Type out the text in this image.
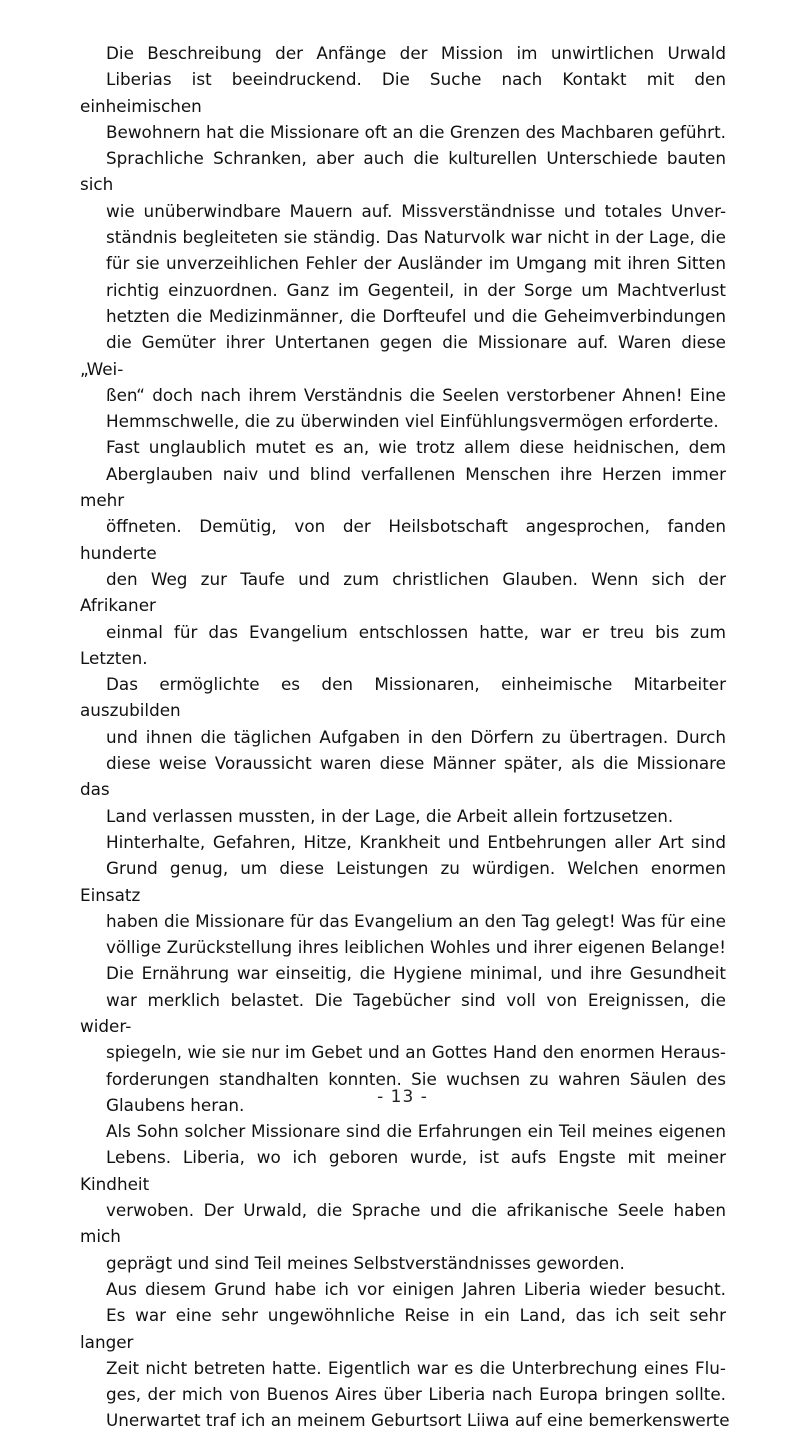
Die Beschreibung der Anfänge der Mission im unwirtlichen Urwald
Liberias ist beeindruckend. Die Suche nach Kontakt mit den einheimischen
Bewohnern hat die Missionare oft an die Grenzen des Machbaren geführt.
Sprachliche Schranken, aber auch die kulturellen Unterschiede bauten sich
wie unüberwindbare Mauern auf. Missverständnisse und totales Unver-
ständnis begleiteten sie ständig. Das Naturvolk war nicht in der Lage, die
für sie unverzeihlichen Fehler der Ausländer im Umgang mit ihren Sitten
richtig einzuordnen. Ganz im Gegenteil, in der Sorge um Machtverlust
hetzten die Medizinmänner, die Dorfteufel und die Geheimverbindungen
die Gemüter ihrer Untertanen gegen die Missionare auf. Waren diese „Wei-
ßen“ doch nach ihrem Verständnis die Seelen verstorbener Ahnen! Eine
Hemmschwelle, die zu überwinden viel Einfühlungsvermögen erforderte.

Fast unglaublich mutet es an, wie trotz allem diese heidnischen, dem
Aberglauben naiv und blind verfallenen Menschen ihre Herzen immer mehr
öffneten. Demütig, von der Heilsbotschaft angesprochen, fanden hunderte
den Weg zur Taufe und zum christlichen Glauben. Wenn sich der Afrikaner
einmal für das Evangelium entschlossen hatte, war er treu bis zum Letzten.
Das ermöglichte es den Missionaren, einheimische Mitarbeiter auszubilden
und ihnen die täglichen Aufgaben in den Dörfern zu übertragen. Durch
diese weise Voraussicht waren diese Männer später, als die Missionare das
Land verlassen mussten, in der Lage, die Arbeit allein fortzusetzen.

Hinterhalte, Gefahren, Hitze, Krankheit und Entbehrungen aller Art sind
Grund genug, um diese Leistungen zu würdigen. Welchen enormen Einsatz
haben die Missionare für das Evangelium an den Tag gelegt! Was für eine
völlige Zurückstellung ihres leiblichen Wohles und ihrer eigenen Belange!
Die Ernährung war einseitig, die Hygiene minimal, und ihre Gesundheit
war merklich belastet. Die Tagebücher sind voll von Ereignissen, die wider-
spiegeln, wie sie nur im Gebet und an Gottes Hand den enormen Heraus-
forderungen standhalten konnten. Sie wuchsen zu wahren Säulen des
Glaubens heran.

Als Sohn solcher Missionare sind die Erfahrungen ein Teil meines eigenen
Lebens. Liberia, wo ich geboren wurde, ist aufs Engste mit meiner Kindheit
verwoben. Der Urwald, die Sprache und die afrikanische Seele haben mich
geprägt und sind Teil meines Selbstverständnisses geworden.

Aus diesem Grund habe ich vor einigen Jahren Liberia wieder besucht.
Es war eine sehr ungewöhnliche Reise in ein Land, das ich seit sehr langer
Zeit nicht betreten hatte. Eigentlich war es die Unterbrechung eines Flu-
ges, der mich von Buenos Aires über Liberia nach Europa bringen sollte.
Unerwartet traf ich an meinem Geburtsort Liiwa auf eine bemerkenswerte

- 13 -
